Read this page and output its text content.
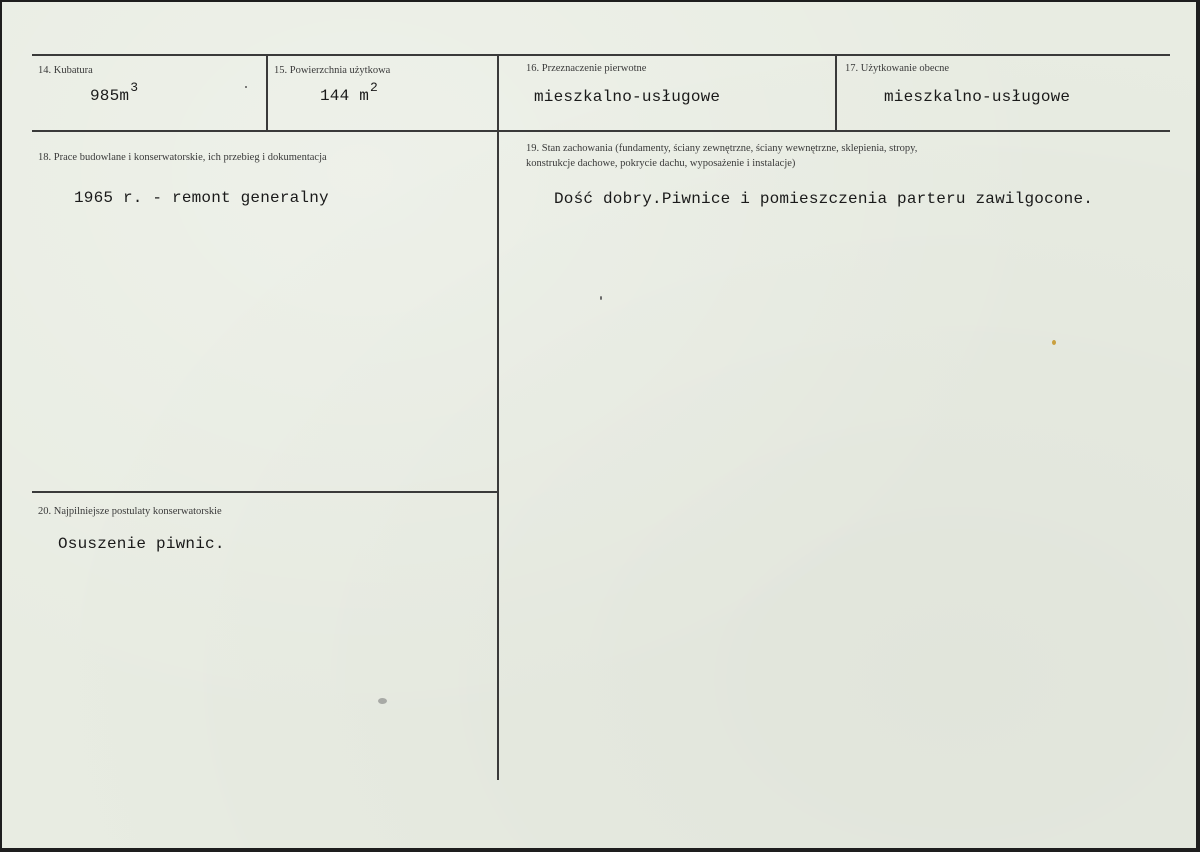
14. Kubatura
$985m^3$
15. Powierzchnia użytkowa
144 $m^2$
16. Przeznaczenie pierwotne
mieszkalno-usługowe
17. Użytkowanie obecne
mieszkalno-usługowe
18. Prace budowlane i konserwatorskie, ich przebieg i dokumentacja
1965 r. - remont generalny
19. Stan zachowania (fundamenty, ściany zewnętrzne, ściany wewnętrzne, sklepienia, stropy,
konstrukcje dachowe, pokrycie dachu, wyposażenie i instalacje)
Dość dobry.Piwnice i pomieszczenia parteru zawilgocone.
20. Najpilniejsze postulaty konserwatorskie
Osuszenie piwnic.
